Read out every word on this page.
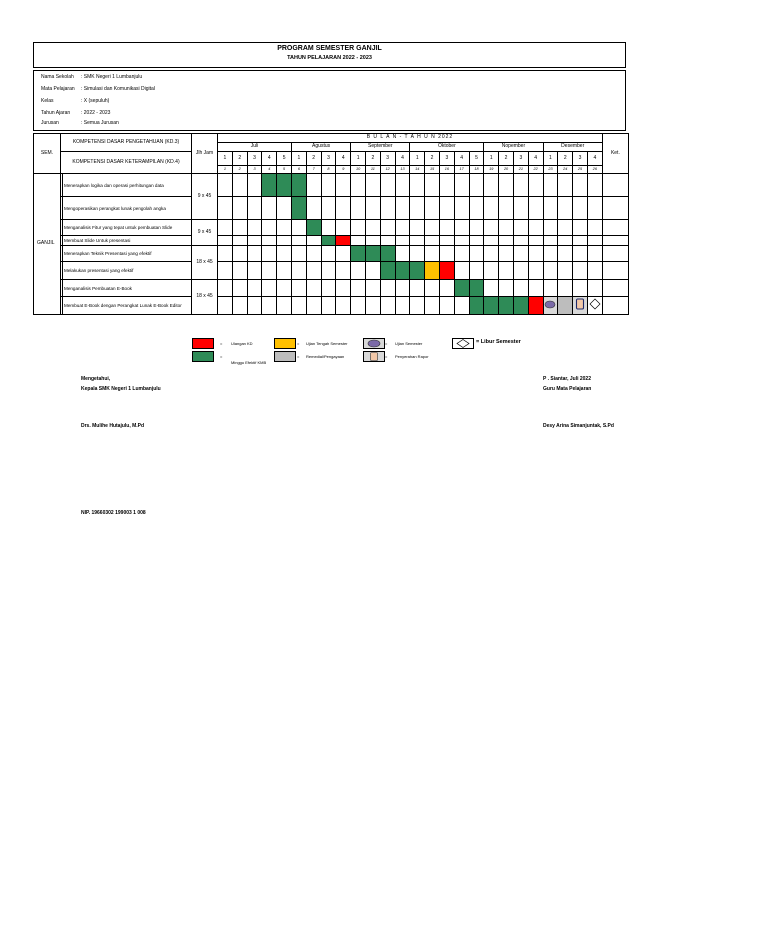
PROGRAM SEMESTER GANJIL
TAHUN PELAJARAN 2022 - 2023
Nama Sekolah : SMK Negeri 1 Lumbanjulu
Mata Pelajaran : Simulasi dan Komunikasi Digital
Kelas	: X (sepuluh)
Tahun Ajaran : 2022 - 2023
Jurusan	: Semua Jurusan
SEM.	KOMPETENSI DASAR PENGETAHUAN (KD.3)		Jlh Jam	B U L A N - T A H U N 2022																										Ket.
				Juli					Agustus				September				Oktober					Nopember				Desember				
	KOMPETENSI DASAR KETERAMPILAN (KD.4)			1	2	3	4	5	1	2	3	4	1	2	3	4	1	2	3	4	5	1	2	3	4	1	2	3	4	
				1	2	3	4	5	6	7	8	9	10	11	12	13	14	15	16	17	18	19	20	21	22	23	24	25	26	
GANJIL		Menerapkan logika dan operasi perhitungan data	9 x 45																											
	Mengoperasikan perangkat lunak pengolah angka																												
	Menganalisis Fitur yang tepat untuk pembuatan Slide	9 x 45																											
	Membuat Slide Untuk presentasi																												
	Menerapkan Teknik Presentasi yang efektif	18 x 45																											
	Melakukan presentasi yang efektif																												
	Menganalisis Pembuatan E-Book	18 x 45																											
	Membuat E-Book dengan Perangkat Lunak E-Book Editor																											
= Ulangan KD	= Ujian Tengah Semester	= Ujian Semester	= Libur Semester
=
Minggu Efektif KMB
= Remedial/Pengayaan	= Penyerahan Rapor
Mengetahui,
Kepala SMK Negeri 1 Lumbanjulu
Drs. Mulihe Hutajulu, M.Pd
NIP. 19660302 199003 1 008
P . Siantar, Juli 2022
Guru Mata Pelajaran
Desy Arina Simanjuntak, S.Pd
